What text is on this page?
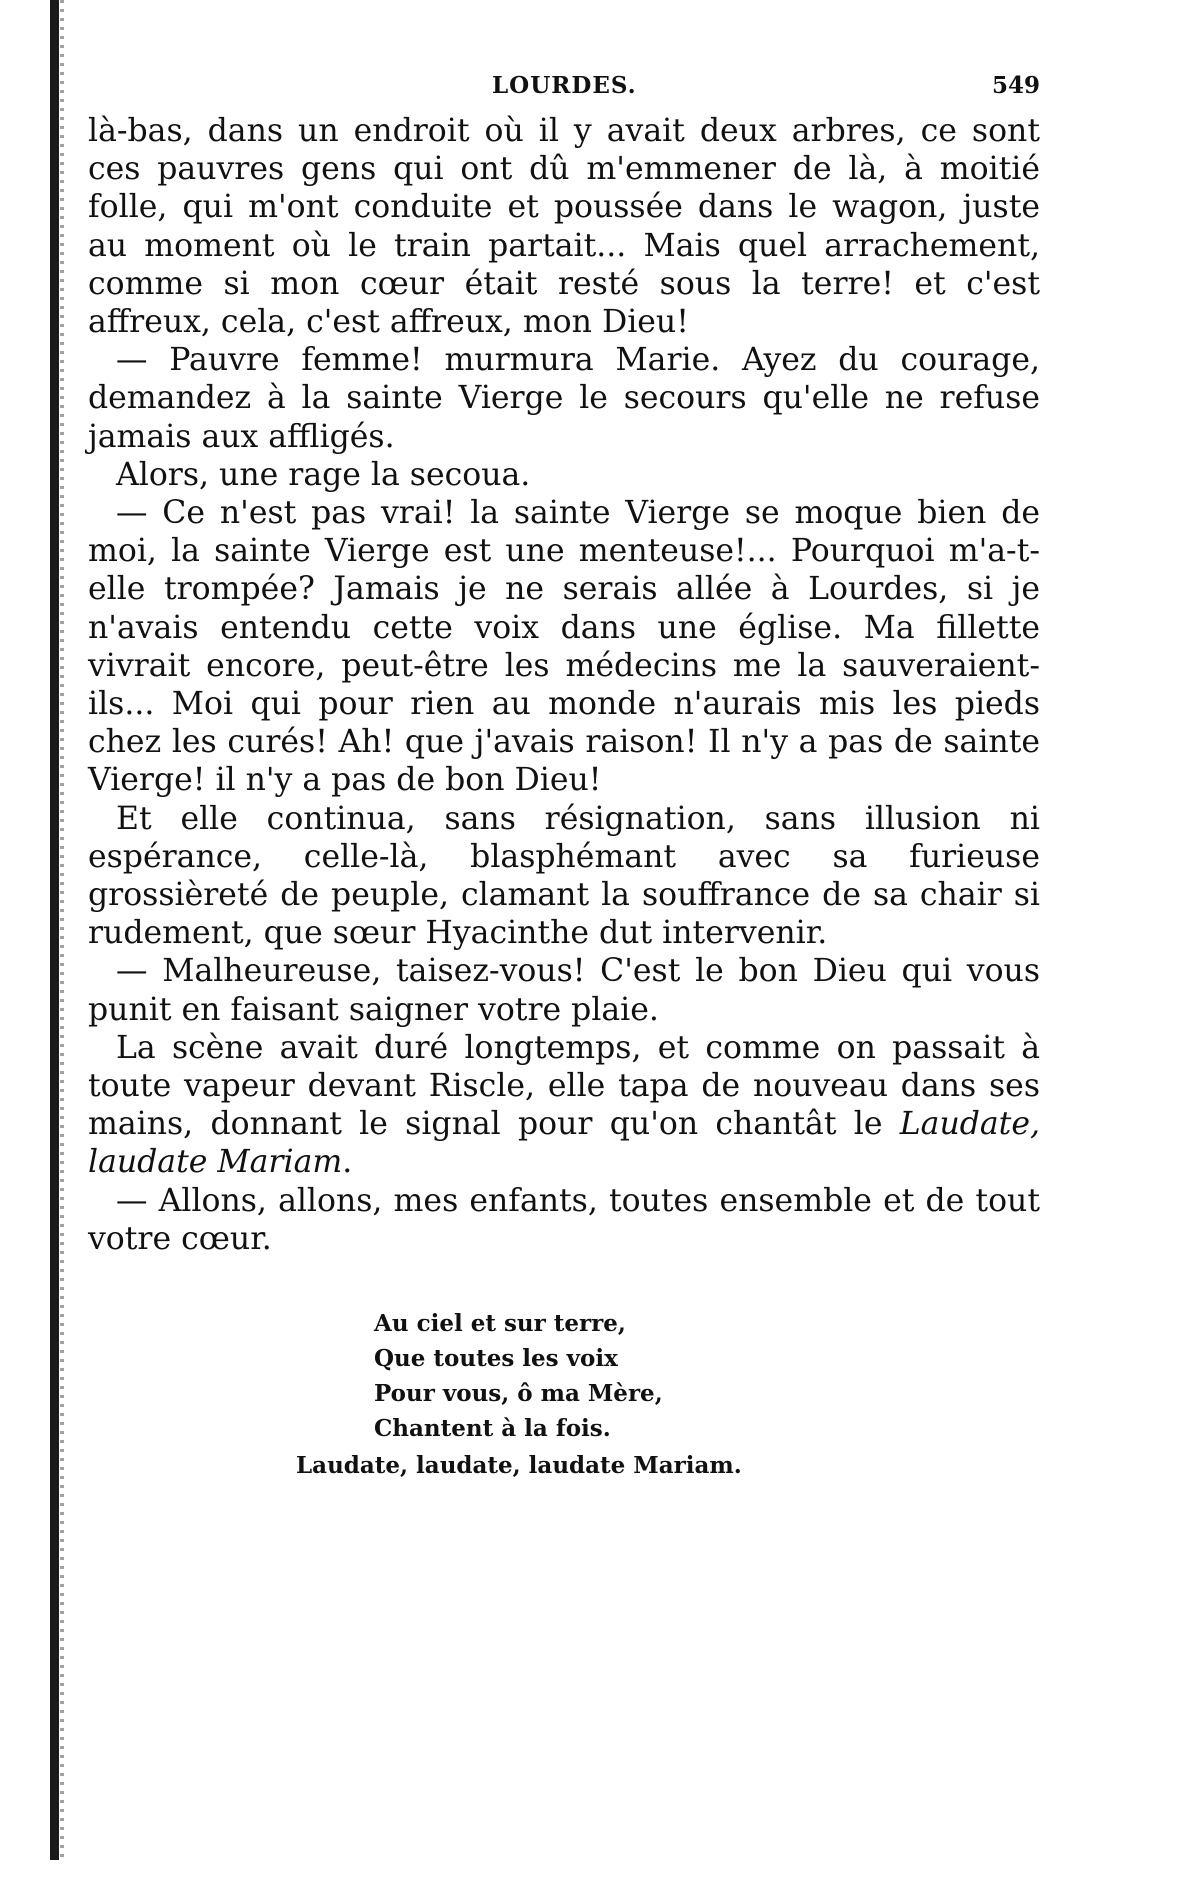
LOURDES.	549

là-bas, dans un endroit où il y avait deux arbres, ce sont ces pauvres gens qui ont dû m'emmener de là, à moitié folle, qui m'ont conduite et poussée dans le wagon, juste au moment où le train partait... Mais quel arrachement, comme si mon cœur était resté sous la terre! et c'est affreux, cela, c'est affreux, mon Dieu!

— Pauvre femme! murmura Marie. Ayez du courage, demandez à la sainte Vierge le secours qu'elle ne refuse jamais aux affligés.

Alors, une rage la secoua.

— Ce n'est pas vrai! la sainte Vierge se moque bien de moi, la sainte Vierge est une menteuse!... Pourquoi m'a-t-elle trompée? Jamais je ne serais allée à Lourdes, si je n'avais entendu cette voix dans une église. Ma fillette vivrait encore, peut-être les médecins me la sauveraient-ils... Moi qui pour rien au monde n'aurais mis les pieds chez les curés! Ah! que j'avais raison! Il n'y a pas de sainte Vierge! il n'y a pas de bon Dieu!

Et elle continua, sans résignation, sans illusion ni espérance, celle-là, blasphémant avec sa furieuse grossièreté de peuple, clamant la souffrance de sa chair si rudement, que sœur Hyacinthe dut intervenir.

— Malheureuse, taisez-vous! C'est le bon Dieu qui vous punit en faisant saigner votre plaie.

La scène avait duré longtemps, et comme on passait à toute vapeur devant Riscle, elle tapa de nouveau dans ses mains, donnant le signal pour qu'on chantât le Laudate, laudate Mariam.

— Allons, allons, mes enfants, toutes ensemble et de tout votre cœur.

Au ciel et sur terre,
Que toutes les voix
Pour vous, ô ma Mère,
Chantent à la fois.
Laudate, laudate, laudate Mariam.
